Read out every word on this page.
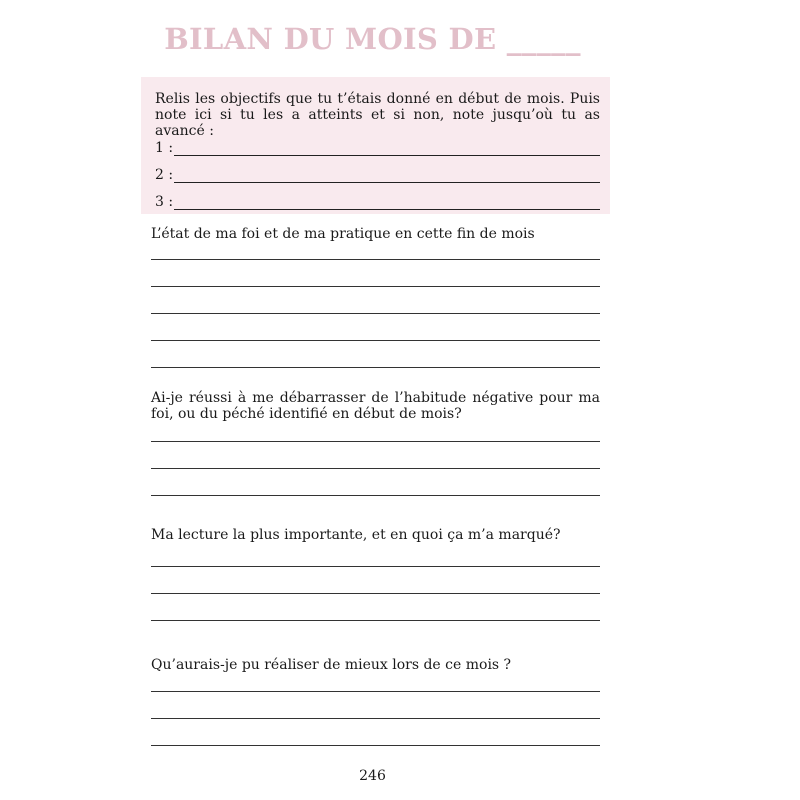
BILAN DU MOIS DE _____
Relis les objectifs que tu t’étais donné en début de mois. Puis note ici si tu les a atteints et si non, note jusqu’où tu as avancé :
1 :
2 :
3 :
L’état de ma foi et de ma pratique en cette fin de mois
Ai-je réussi à me débarrasser de l’habitude négative pour ma foi, ou du péché identifié en début de mois?
Ma lecture la plus importante, et en quoi ça m’a marqué?
Qu’aurais-je pu réaliser de mieux lors de ce mois ?
246
